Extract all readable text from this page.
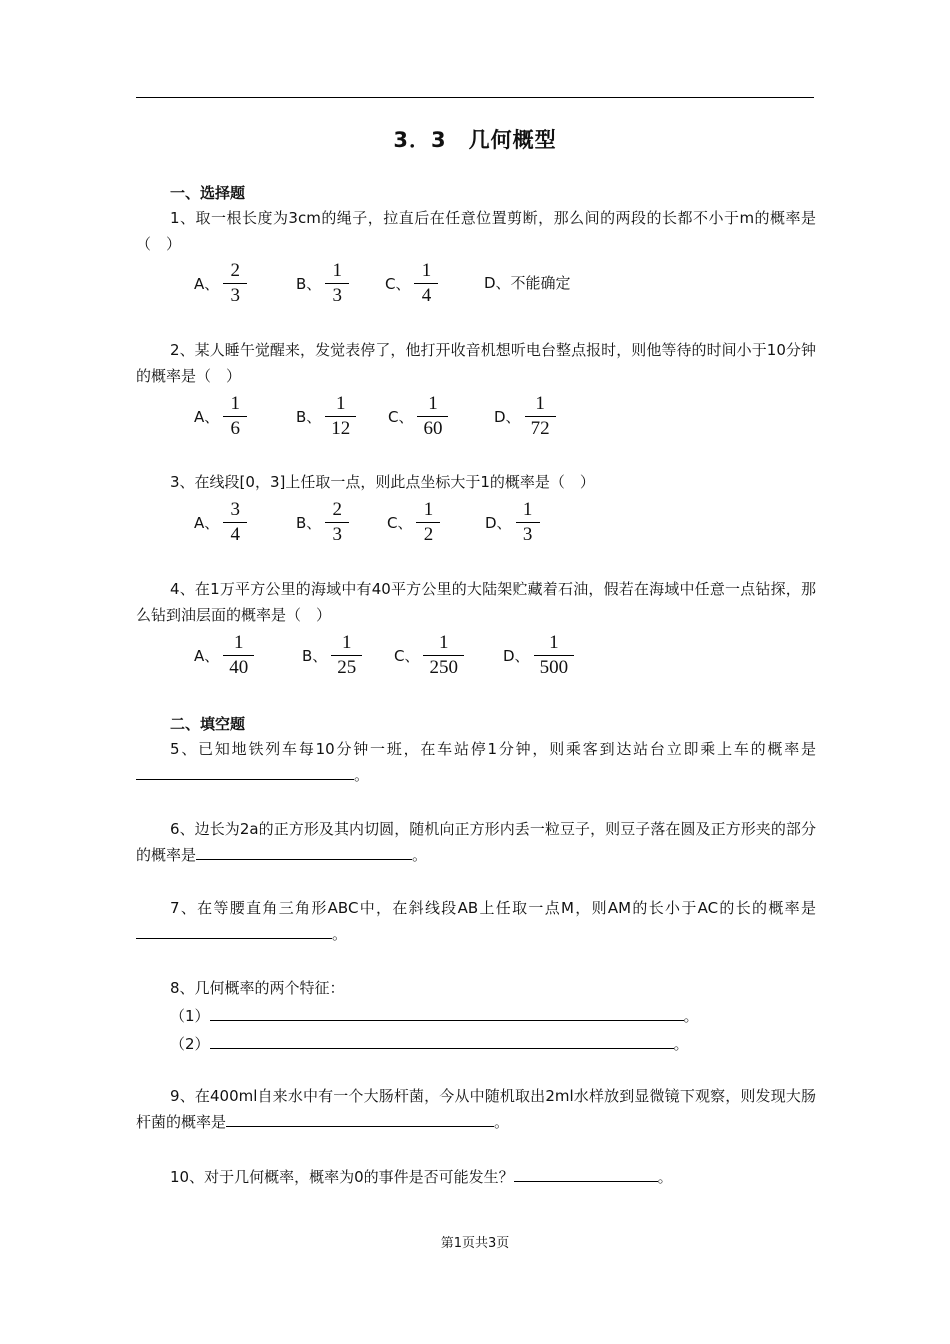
3．3　几何概型
一、选择题
1、取一根长度为3cm的绳子，拉直后在任意位置剪断，那么间的两段的长都不小于m的概率是（　）
A、 $\frac{2}{3}$	B、 $\frac{1}{3}$ C、 $\frac{1}{4}$	D、不能确定
2、某人睡午觉醒来，发觉表停了，他打开收音机想听电台整点报时，则他等待的时间小于10分钟的概率是（　）
A、 $\frac{1}{6}$	B、 $\frac{1}{12}$ C、 $\frac{1}{60}$	D、 $\frac{1}{72}$
3、在线段[0，3]上任取一点，则此点坐标大于1的概率是（　）
A、 $\frac{3}{4}$	B、 $\frac{2}{3}$	C、 $\frac{1}{2}$	D、 $\frac{1}{3}$
4、在1万平方公里的海域中有40平方公里的大陆架贮藏着石油，假若在海域中任意一点钻探，那么钻到油层面的概率是（　）
A、 $\frac{1}{40}$	B、 $\frac{1}{25}$ C、 $\frac{1}{250}$	D、 $\frac{1}{500}$
二、填空题
5、已知地铁列车每10分钟一班，在车站停1分钟，则乘客到达站台立即乘上车的概率是。
6、边长为2a的正方形及其内切圆，随机向正方形内丢一粒豆子，则豆子落在圆及正方形夹的部分的概率是	。
7、在等腰直角三角形ABC中，在斜线段AB上任取一点M，则AM的长小于AC的长的概率是。
8、几何概率的两个特征：
（1）	。
（2）	。
9、在400ml自来水中有一个大肠杆菌，今从中随机取出2ml水样放到显微镜下观察，则发现大肠杆菌的概率是	。
10、对于几何概率，概率为0的事件是否可能发生？	。
第1页共3页
